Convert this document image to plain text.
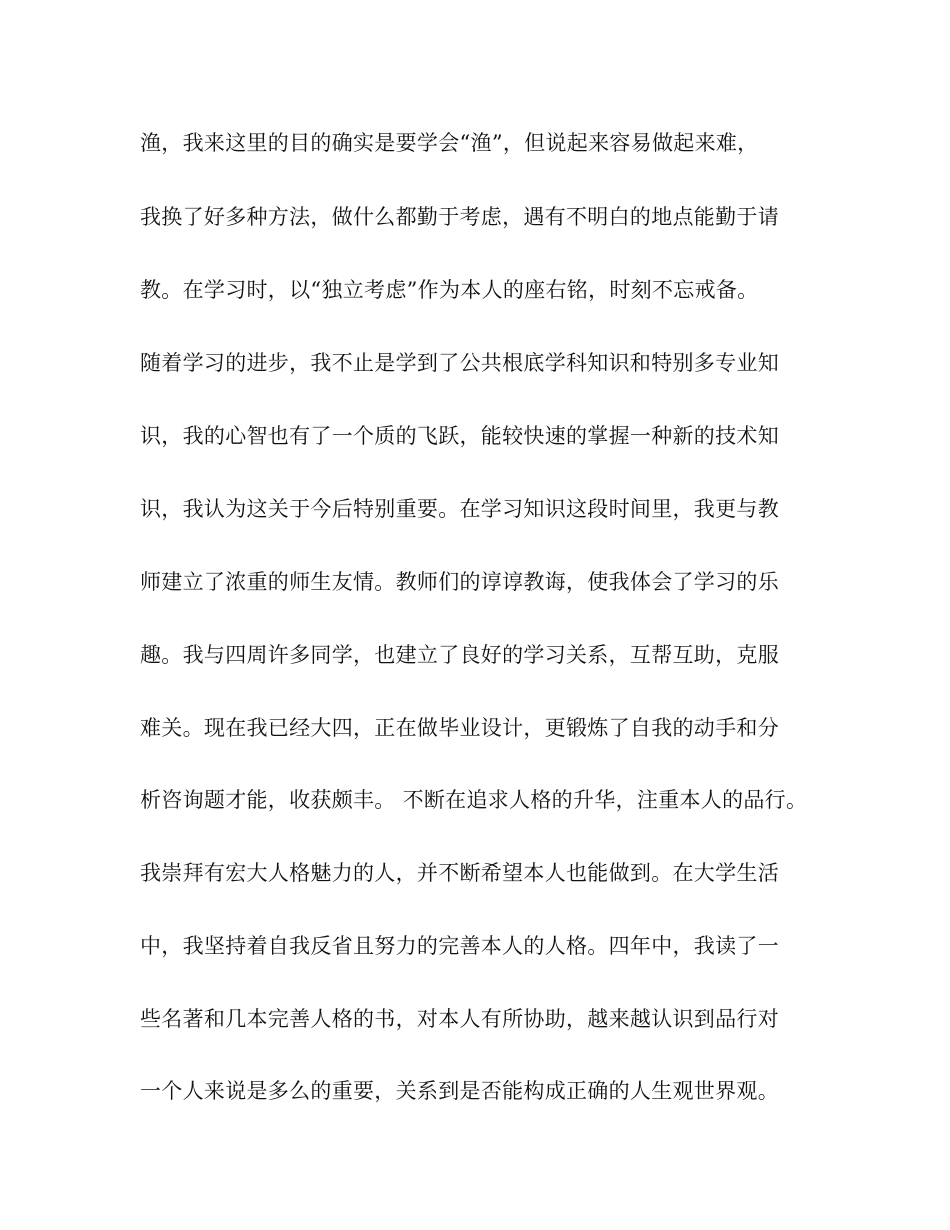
渔，我来这里的目的确实是要学会“渔”，但说起来容易做起来难，

我换了好多种方法，做什么都勤于考虑，遇有不明白的地点能勤于请

教。在学习时，以“独立考虑”作为本人的座右铭，时刻不忘戒备。

随着学习的进步，我不止是学到了公共根底学科知识和特别多专业知

识，我的心智也有了一个质的飞跃，能较快速的掌握一种新的技术知

识，我认为这关于今后特别重要。在学习知识这段时间里，我更与教

师建立了浓重的师生友情。教师们的谆谆教诲，使我体会了学习的乐

趣。我与四周许多同学，也建立了良好的学习关系，互帮互助，克服

难关。现在我已经大四，正在做毕业设计，更锻炼了自我的动手和分

析咨询题才能，收获颇丰。 不断在追求人格的升华，注重本人的品行。

我崇拜有宏大人格魅力的人，并不断希望本人也能做到。在大学生活

中，我坚持着自我反省且努力的完善本人的人格。四年中，我读了一

些名著和几本完善人格的书，对本人有所协助，越来越认识到品行对

一个人来说是多么的重要，关系到是否能构成正确的人生观世界观。
